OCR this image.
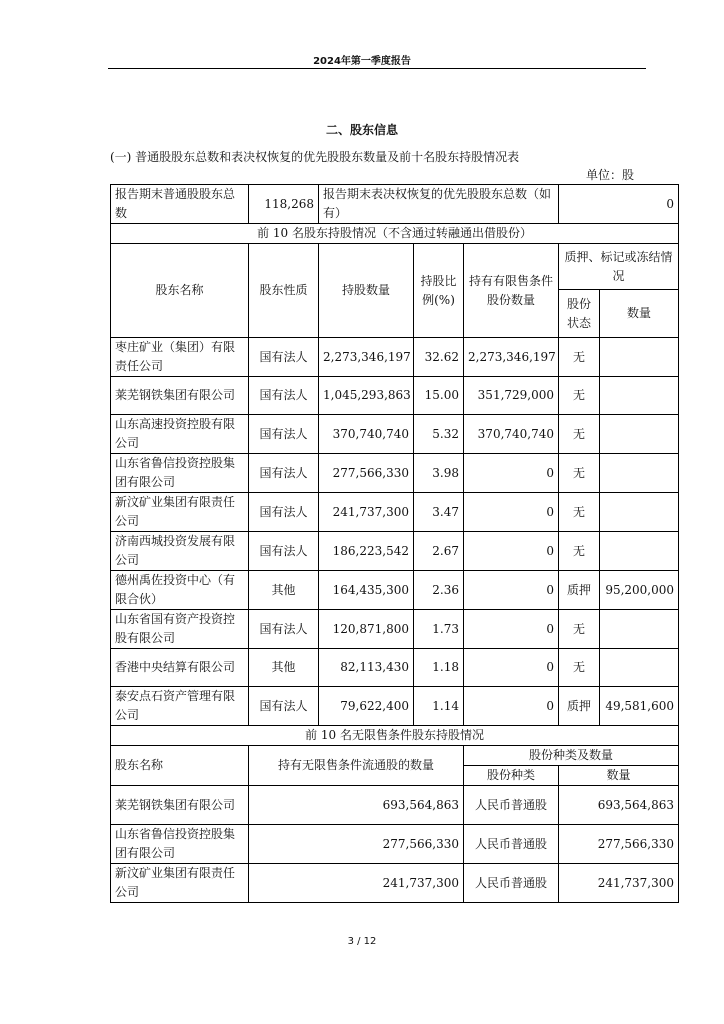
2024年第一季度报告
二、股东信息
(一) 普通股股东总数和表决权恢复的优先股股东数量及前十名股东持股情况表
单位：股
报告期末普通股股东总数	118,268	报告期末表决权恢复的优先股股东总数（如有）			0	
前 10 名股东持股情况（不含通过转融通出借股份）						
股东名称	股东性质	持股数量	持股比例(%)	持有有限售条件股份数量	质押、标记或冻结情况	
					股份状态	数量
枣庄矿业（集团）有限责任公司	国有法人	2,273,346,197	32.62	2,273,346,197	无	
莱芜钢铁集团有限公司	国有法人	1,045,293,863	15.00	351,729,000	无	
山东高速投资控股有限公司	国有法人	370,740,740	5.32	370,740,740	无	
山东省鲁信投资控股集团有限公司	国有法人	277,566,330	3.98	0	无	
新汶矿业集团有限责任公司	国有法人	241,737,300	3.47	0	无	
济南西城投资发展有限公司	国有法人	186,223,542	2.67	0	无	
德州禹佐投资中心（有限合伙）	其他	164,435,300	2.36	0	质押	95,200,000
山东省国有资产投资控股有限公司	国有法人	120,871,800	1.73	0	无	
香港中央结算有限公司	其他	82,113,430	1.18	0	无	
泰安点石资产管理有限公司	国有法人	79,622,400	1.14	0	质押	49,581,600
前 10 名无限售条件股东持股情况						
股东名称	持有无限售条件流通股的数量			股份种类及数量		
				股份种类	数量	
莱芜钢铁集团有限公司	693,564,863			人民币普通股	693,564,863	
山东省鲁信投资控股集团有限公司	277,566,330			人民币普通股	277,566,330	
新汶矿业集团有限责任公司	241,737,300			人民币普通股	241,737,300	
3 / 12
